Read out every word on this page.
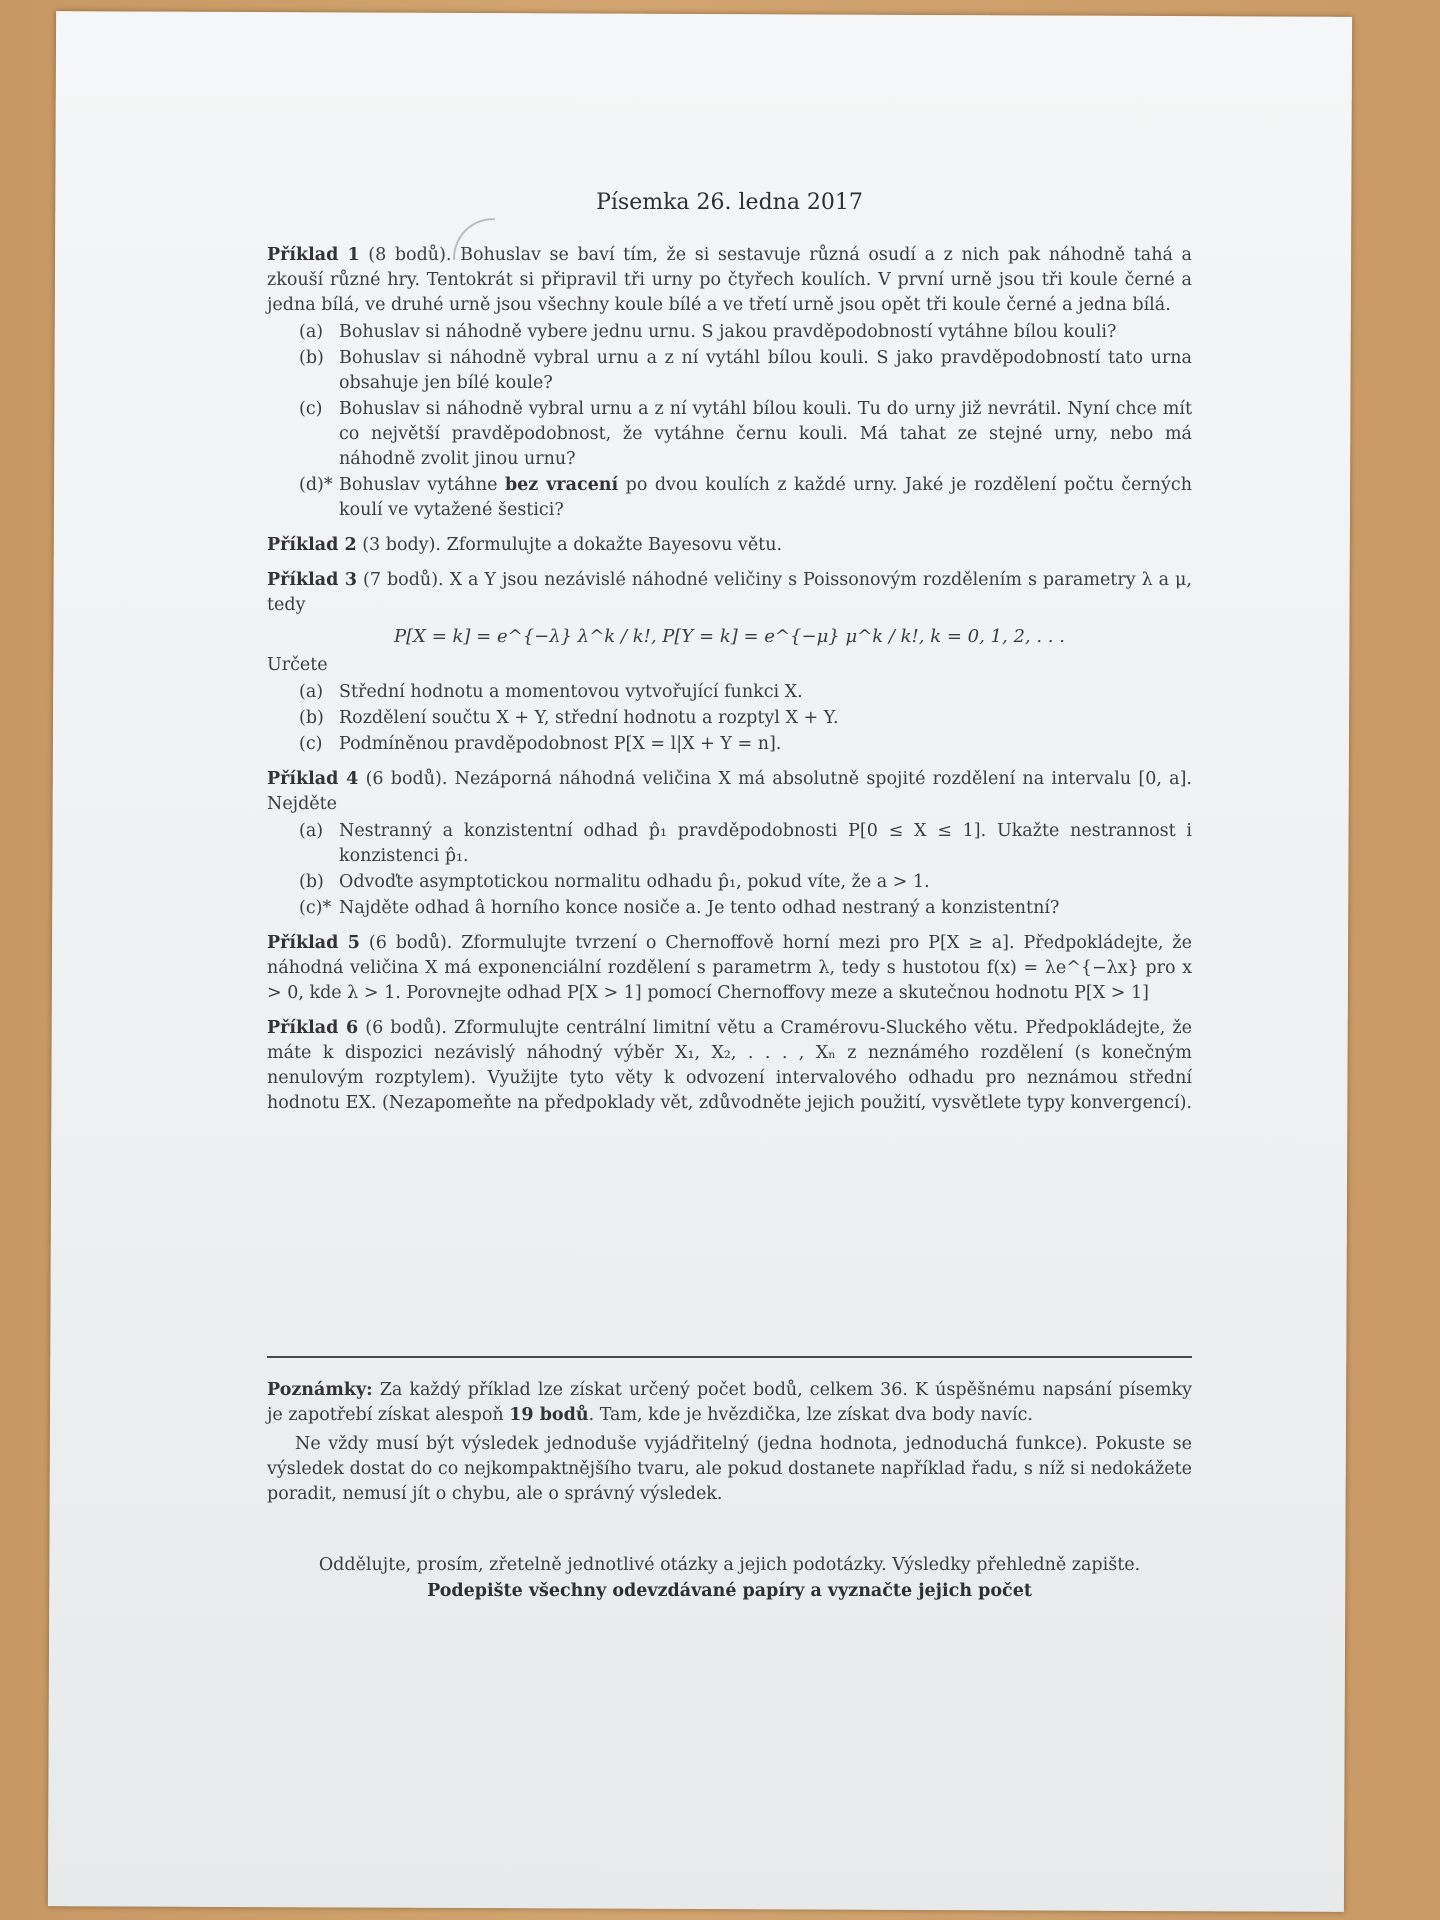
Písemka 26. ledna 2017
Příklad 1 (8 bodů). Bohuslav se baví tím, že si sestavuje různá osudí a z nich pak náhodně tahá a zkouší různé hry. Tentokrát si připravil tři urny po čtyřech koulích. V první urně jsou tři koule černé a jedna bílá, ve druhé urně jsou všechny koule bílé a ve třetí urně jsou opět tři koule černé a jedna bílá.
(a) Bohuslav si náhodně vybere jednu urnu. S jakou pravděpodobností vytáhne bílou kouli?
(b) Bohuslav si náhodně vybral urnu a z ní vytáhl bílou kouli. S jako pravděpodobností tato urna obsahuje jen bílé koule?
(c) Bohuslav si náhodně vybral urnu a z ní vytáhl bílou kouli. Tu do urny již nevrátil. Nyní chce mít co největší pravděpodobnost, že vytáhne černu kouli. Má tahat ze stejné urny, nebo má náhodně zvolit jinou urnu?
(d)* Bohuslav vytáhne bez vracení po dvou koulích z každé urny. Jaké je rozdělení počtu černých koulí ve vytažené šestici?
Příklad 2 (3 body). Zformulujte a dokažte Bayesovu větu.
Příklad 3 (7 bodů). X a Y jsou nezávislé náhodné veličiny s Poissonovým rozdělením s parametry λ a μ, tedy
P[X = k] = e^{−λ} λ^k / k!, P[Y = k] = e^{−μ} μ^k / k!, k = 0, 1, 2, . . .
Určete
(a) Střední hodnotu a momentovou vytvořující funkci X.
(b) Rozdělení součtu X + Y, střední hodnotu a rozptyl X + Y.
(c) Podmíněnou pravděpodobnost P[X = l|X + Y = n].
Příklad 4 (6 bodů). Nezáporná náhodná veličina X má absolutně spojité rozdělení na intervalu [0, a]. Nejděte
(a) Nestranný a konzistentní odhad p̂₁ pravděpodobnosti P[0 ≤ X ≤ 1]. Ukažte nestrannost i konzistenci p̂₁.
(b) Odvoďte asymptotickou normalitu odhadu p̂₁, pokud víte, že a > 1.
(c)* Najděte odhad â horního konce nosiče a. Je tento odhad nestraný a konzistentní?
Příklad 5 (6 bodů). Zformulujte tvrzení o Chernoffově horní mezi pro P[X ≥ a]. Předpokládejte, že náhodná veličina X má exponenciální rozdělení s parametrm λ, tedy s hustotou f(x) = λe^{−λx} pro x > 0, kde λ > 1. Porovnejte odhad P[X > 1] pomocí Chernoffovy meze a skutečnou hodnotu P[X > 1]
Příklad 6 (6 bodů). Zformulujte centrální limitní větu a Cramérovu-Sluckého větu. Předpokládejte, že máte k dispozici nezávislý náhodný výběr X₁, X₂, . . . , Xₙ z neznámého rozdělení (s konečným nenulovým rozptylem). Využijte tyto věty k odvození intervalového odhadu pro neznámou střední hodnotu EX. (Nezapomeňte na předpoklady vět, zdůvodněte jejich použití, vysvětlete typy konvergencí).

Poznámky: Za každý příklad lze získat určený počet bodů, celkem 36. K úspěšnému napsání písemky je zapotřebí získat alespoň 19 bodů. Tam, kde je hvězdička, lze získat dva body navíc.

Ne vždy musí být výsledek jednoduše vyjádřitelný (jedna hodnota, jednoduchá funkce). Pokuste se výsledek dostat do co nejkompaktnějšího tvaru, ale pokud dostanete například řadu, s níž si nedokážete poradit, nemusí jít o chybu, ale o správný výsledek.

Oddělujte, prosím, zřetelně jednotlivé otázky a jejich podotázky. Výsledky přehledně zapište.
Podepište všechny odevzdávané papíry a vyznačte jejich počet
